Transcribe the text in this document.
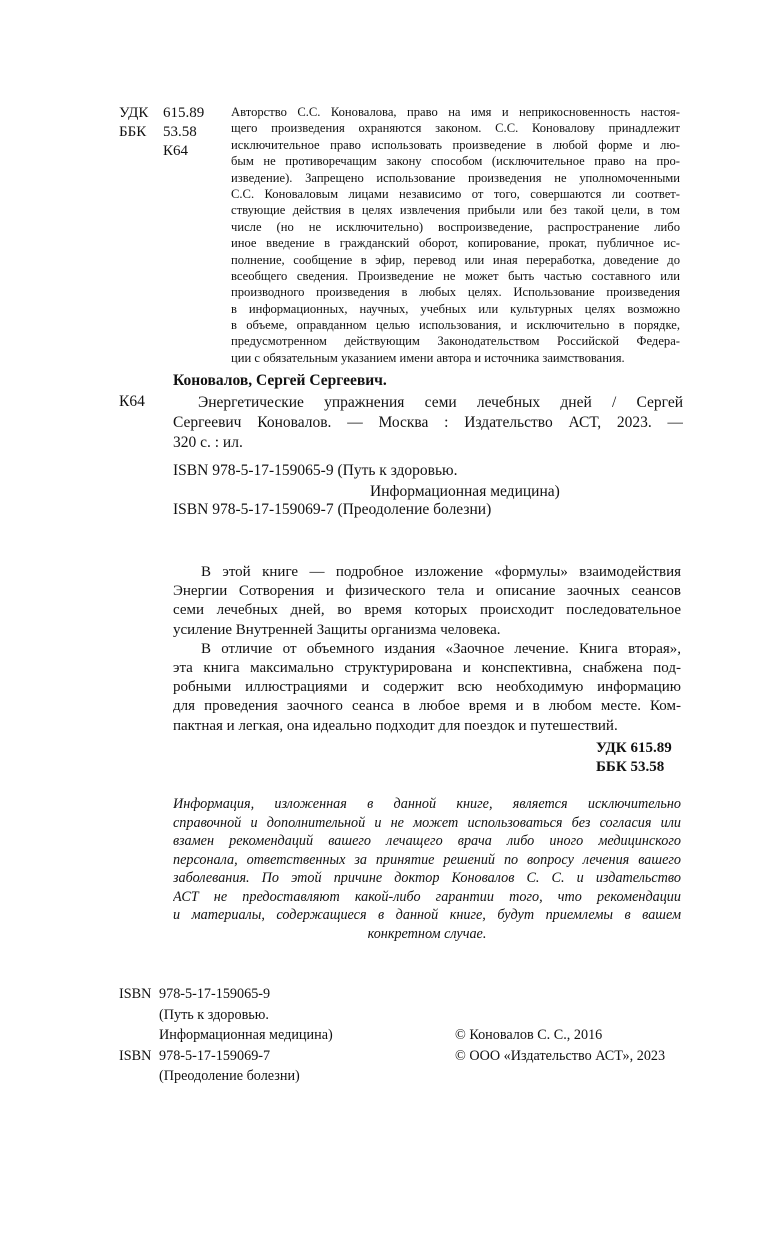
УДК 615.89
ББК 53.58
К64
Авторство С.С. Коновалова, право на имя и неприкосновенность настоя-
щего произведения охраняются законом. С.С. Коновалову принадлежит
исключительное право использовать произведение в любой форме и лю-
бым не противоречащим закону способом (исключительное право на про-
изведение). Запрещено использование произведения не уполномоченными
С.С. Коноваловым лицами независимо от того, совершаются ли соответ-
ствующие действия в целях извлечения прибыли или без такой цели, в том
числе (но не исключительно) воспроизведение, распространение либо
иное введение в гражданский оборот, копирование, прокат, публичное ис-
полнение, сообщение в эфир, перевод или иная переработка, доведение до
всеобщего сведения. Произведение не может быть частью составного или
производного произведения в любых целях. Использование произведения
в информационных, научных, учебных или культурных целях возможно
в объеме, оправданном целью использования, и исключительно в порядке,
предусмотренном действующим Законодательством Российской Федера-
ции с обязательным указанием имени автора и источника заимствования.
Коновалов, Сергей Сергеевич.
К64	Энергетические упражнения семи лечебных дней / Сергей
Сергеевич Коновалов. — Москва : Издательство АСТ, 2023. —
320 с. : ил.
ISBN 978-5-17-159065-9 (Путь к здоровью.
Информационная медицина)
ISBN 978-5-17-159069-7 (Преодоление болезни)
В этой книге — подробное изложение «формулы» взаимодействия
Энергии Сотворения и физического тела и описание заочных сеансов
семи лечебных дней, во время которых происходит последовательное
усиление Внутренней Защиты организма человека.
В отличие от объемного издания «Заочное лечение. Книга вторая»,
эта книга максимально структурирована и конспективна, снабжена под-
робными иллюстрациями и содержит всю необходимую информацию
для проведения заочного сеанса в любое время и в любом месте. Ком-
пактная и легкая, она идеально подходит для поездок и путешествий.
УДК 615.89
ББК 53.58
Информация, изложенная в данной книге, является исключительно
справочной и дополнительной и не может использоваться без согласия или
взамен рекомендаций вашего лечащего врача либо иного медицинского
персонала, ответственных за принятие решений по вопросу лечения вашего
заболевания. По этой причине доктор Коновалов С. С. и издательство
АСТ не предоставляют какой-либо гарантии того, что рекомендации
и материалы, содержащиеся в данной книге, будут приемлемы в вашем
конкретном случае.
ISBN 978-5-17-159065-9
(Путь к здоровью.
Информационная медицина)
ISBN 978-5-17-159069-7
(Преодоление болезни)
© Коновалов С. С., 2016
© ООО «Издательство АСТ», 2023
